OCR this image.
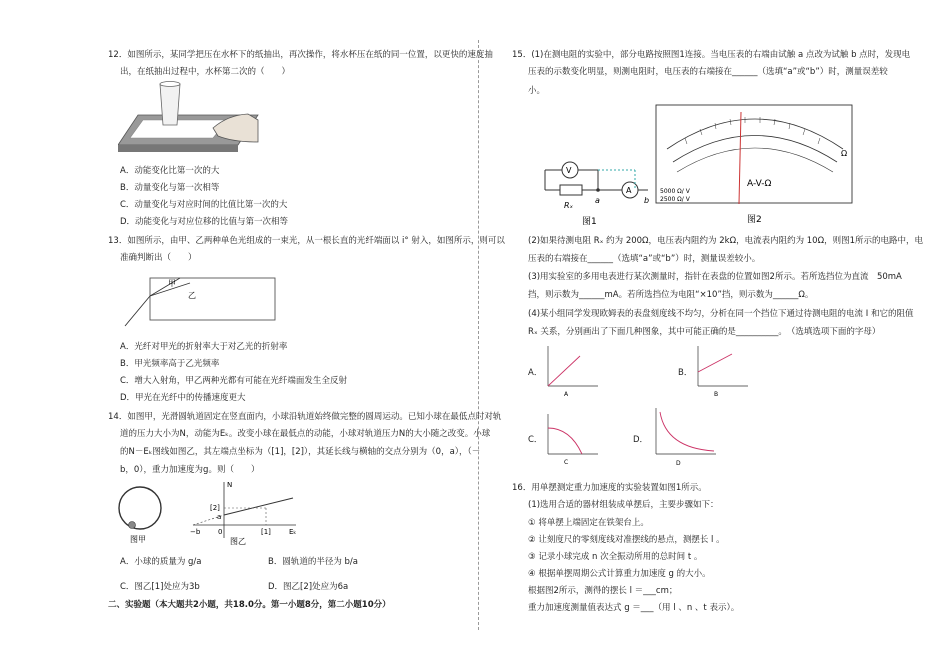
12．如图所示，某同学把压在水杯下的纸抽出，再次操作，将水杯压在纸的同一位置，以更快的速度抽
出，在纸抽出过程中，水杯第二次的（　　）
A．动能变化比第一次的大
B．动量变化与第一次相等
C．动量变化与对应时间的比值比第一次的大
D．动能变化与对应位移的比值与第一次相等
13．如图所示，由甲、乙两种单色光组成的一束光，从一根长直的光纤端面以 i° 射入，如图所示，则可以
准确判断出（　　）
甲
乙
A．光纤对甲光的折射率大于对乙光的折射率
B．甲光频率高于乙光频率
C．增大入射角，甲乙两种光都有可能在光纤端面发生全反射
D．甲光在光纤中的传播速度更大
14．如图甲，光滑圆轨道固定在竖直面内，小球沿轨道始终做完整的圆周运动。已知小球在最低点时对轨
道的压力大小为N，动能为Eₖ。改变小球在最低点的动能，小球对轨道压力N的大小随之改变。小球
的N－Eₖ图线如图乙，其左端点坐标为（[1]，[2]），其延长线与横轴的交点分别为（0，a），（－
b，0），重力加速度为g。则（　　）
图甲
N
Eₖ
[2]
a
−b	0	[1]
图乙
A．小球的质量为 g/a	B．圆轨道的半径为 b/a
C．图乙[1]处应为3b	D．图乙[2]处应为6a
二、实验题（本大题共2小题，共18.0分。第一小题8分，第二小题10分）
15．(1)在测电阻的实验中，部分电路按照图1连接。当电压表的右端由试触 a 点改为试触 b 点时，发现电
压表的示数变化明显，则测电阻时，电压表的右端接在______（选填“a”或“b”）时，测量误差较
小。
A
V
Rₓ
a	b
图1
A-V-Ω
Ω
5000 Ω/ V
2500 Ω/ V
图2
(2)如果待测电阻 Rₓ 约为 200Ω，电压表内阻约为 2kΩ，电流表内阻约为 10Ω，则图1所示的电路中，电
压表的右端接在______（选填“a”或“b”）时，测量误差较小。
(3)用实验室的多用电表进行某次测量时，指针在表盘的位置如图2所示。若所选挡位为直流　50mA
挡，则示数为______mA。若所选挡位为电阻“×10”挡，则示数为______Ω。
(4)某小组同学发现欧姆表的表盘刻度线不均匀，分析在同一个挡位下通过待测电阻的电流 I 和它的阻值
Rₓ 关系，分别画出了下面几种图象，其中可能正确的是__________。　（选填选项下面的字母）
A．
A
B．
B
C．
C
D．
D
16．用单摆测定重力加速度的实验装置如图1所示。
(1)选用合适的器材组装成单摆后，主要步骤如下：
① 将单摆上端固定在铁架台上。
② 让刻度尺的零刻度线对准摆线的悬点，测摆长 l 。
③ 记录小球完成 n 次全振动所用的总时间 t 。
④ 根据单摆周期公式计算重力加速度 g 的大小。
根据图2所示，测得的摆长 l ＝___cm；
重力加速度测量值表达式 g ＝___（用 l 、n 、t 表示）。
